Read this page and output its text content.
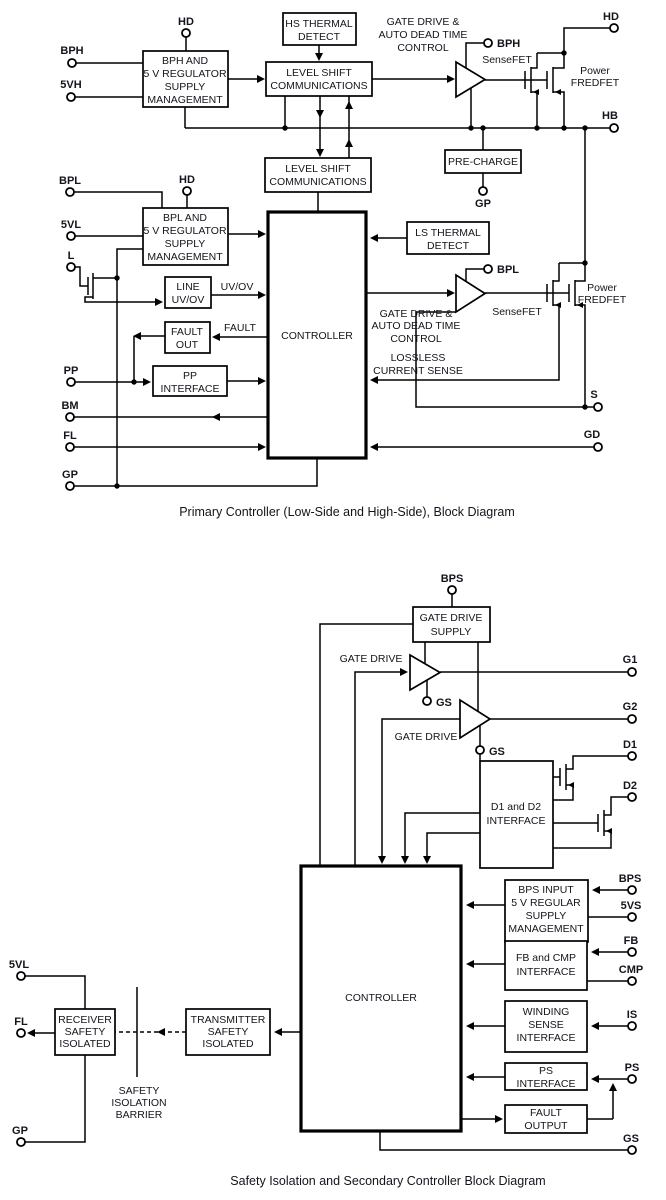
BPH AND
5 V REGULATOR
SUPPLY
MANAGEMENT
HS THERMAL
DETECT
LEVEL SHIFT
COMMUNICATIONS
LEVEL SHIFT
COMMUNICATIONS
PRE-CHARGE
BPL AND
5 V REGULATOR
SUPPLY
MANAGEMENT
LS THERMAL
DETECT
LINE
UV/OV
FAULT
OUT
PP
INTERFACE
CONTROLLER
GATE DRIVE &
AUTO DEAD TIME
CONTROL
SenseFET
Power
FREDFET
GATE DRIVE &
AUTO DEAD TIME
CONTROL
LOSSLESS
CURRENT SENSE
SenseFET
Power
FREDFET
UV/OV
FAULT
HD
BPH
5VH
BPL	HD
5VL
L
PP
BM
FL
GP
BPH
HD
HB
GP
BPL
S
GD
Primary Controller (Low-Side and High-Side), Block Diagram
GATE DRIVE
SUPPLY
D1 and D2
INTERFACE
BPS INPUT
5 V REGULAR
SUPPLY
MANAGEMENT
FB and CMP
INTERFACE
WINDING
SENSE
INTERFACE
PS
INTERFACE
FAULT
OUTPUT
RECEIVER
SAFETY
ISOLATED
TRANSMITTER
SAFETY
ISOLATED
CONTROLLER
GATE DRIVE
GATE DRIVE
SAFETY
ISOLATION
BARRIER
BPS
G1
GS	G2
GS
D1
D2
BPS
5VS
FB
CMP
IS
PS
GS
5VL
FL
GP
Safety Isolation and Secondary Controller Block Diagram
